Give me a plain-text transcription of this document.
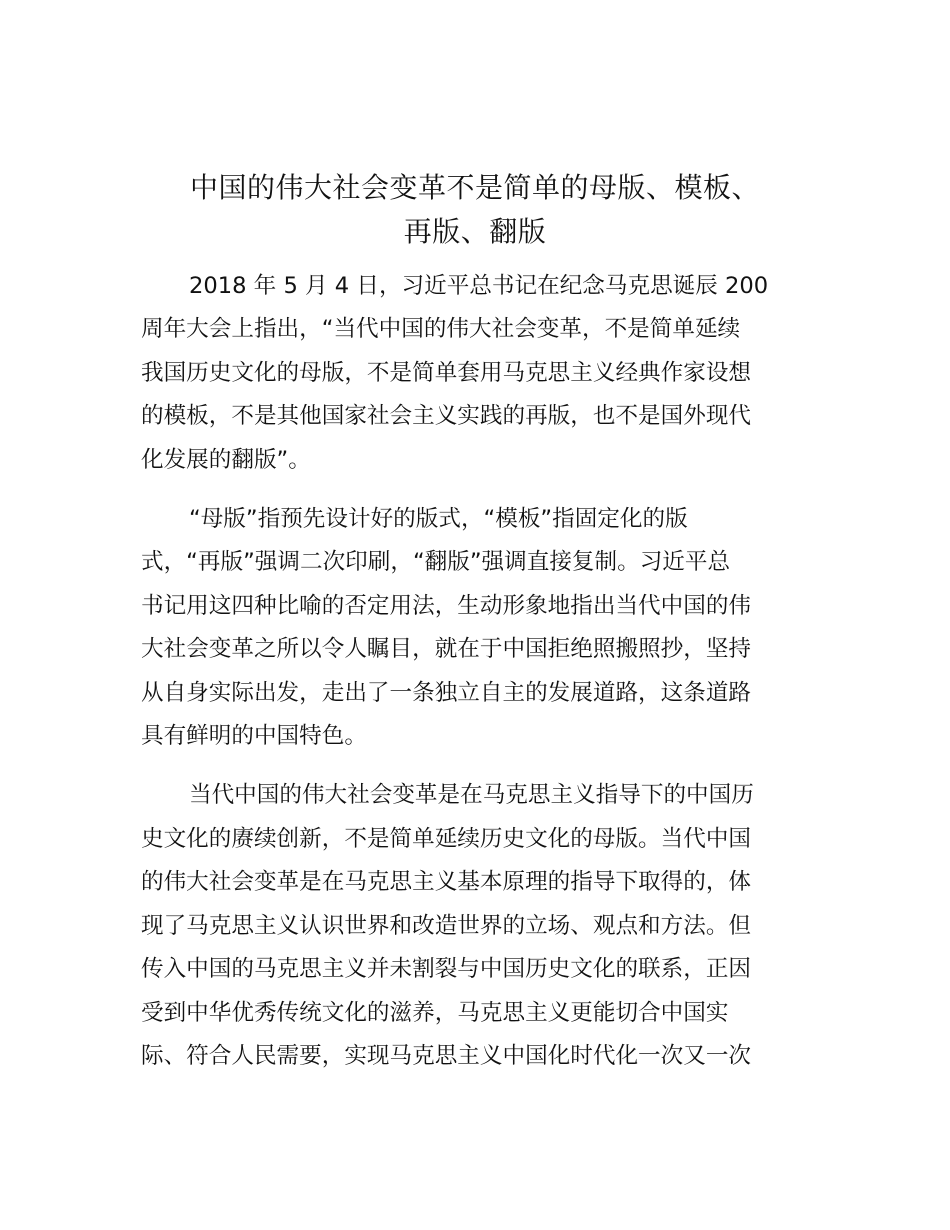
中国的伟大社会变革不是简单的母版、模板、
再版、翻版

2018 年 5 月 4 日，习近平总书记在纪念马克思诞辰 200
周年大会上指出，“当代中国的伟大社会变革，不是简单延续
我国历史文化的母版，不是简单套用马克思主义经典作家设想
的模板，不是其他国家社会主义实践的再版，也不是国外现代
化发展的翻版”。

“母版”指预先设计好的版式，“模板”指固定化的版
式，“再版”强调二次印刷，“翻版”强调直接复制。习近平总
书记用这四种比喻的否定用法，生动形象地指出当代中国的伟
大社会变革之所以令人瞩目，就在于中国拒绝照搬照抄，坚持
从自身实际出发，走出了一条独立自主的发展道路，这条道路
具有鲜明的中国特色。

当代中国的伟大社会变革是在马克思主义指导下的中国历
史文化的赓续创新，不是简单延续历史文化的母版。当代中国
的伟大社会变革是在马克思主义基本原理的指导下取得的，体
现了马克思主义认识世界和改造世界的立场、观点和方法。但
传入中国的马克思主义并未割裂与中国历史文化的联系，正因
受到中华优秀传统文化的滋养，马克思主义更能切合中国实
际、符合人民需要，实现马克思主义中国化时代化一次又一次
